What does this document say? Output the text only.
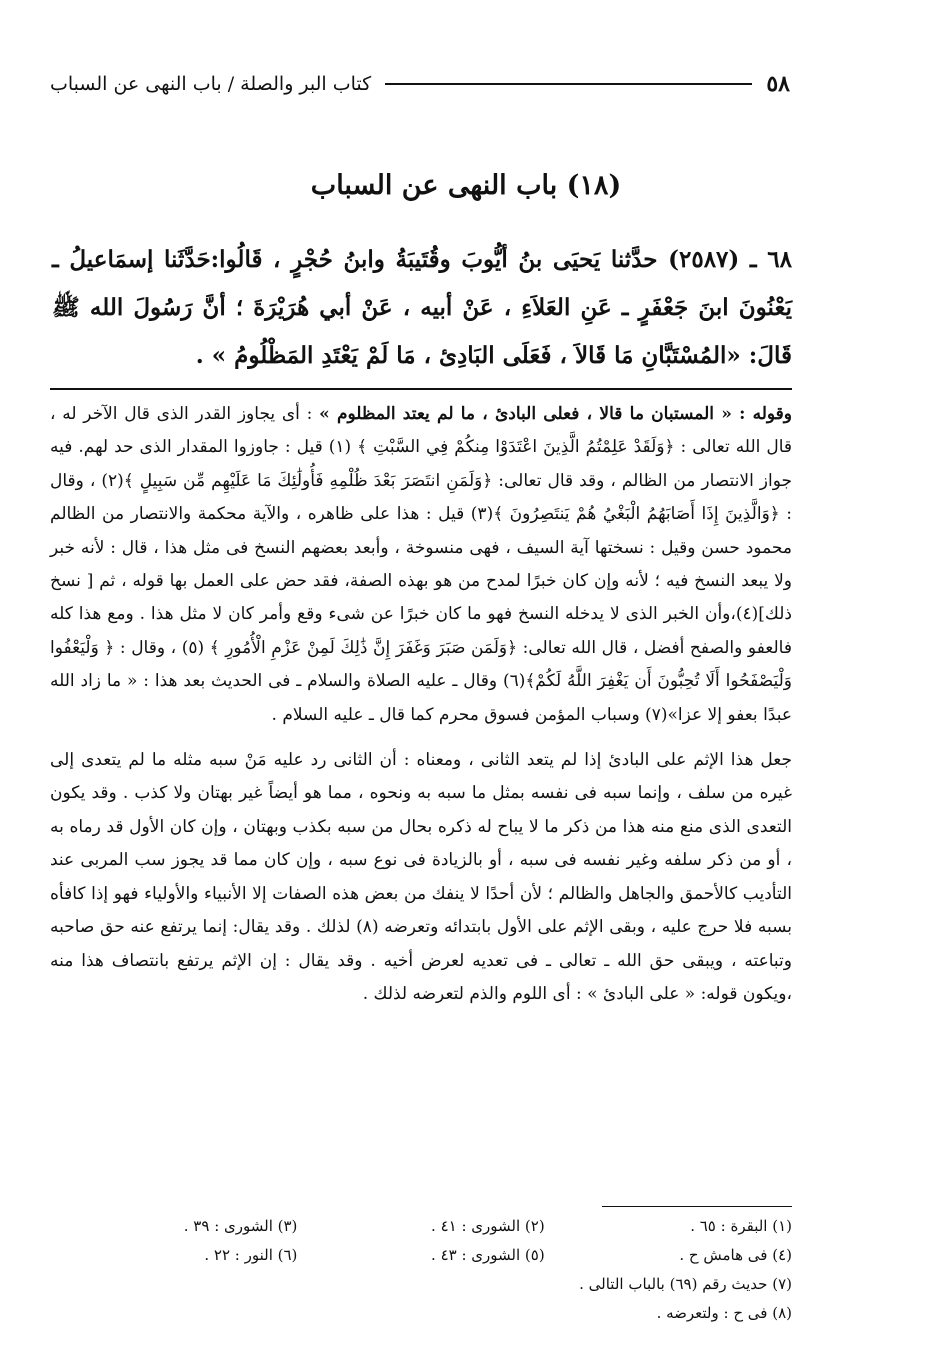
كتاب البر والصلة / باب النهى عن السباب	٥٨
(١٨) باب النهى عن السباب
٦٨ ـ (٢٥٨٧) حدَّثنا يَحيَى بنُ أيُّوبَ وقُتَيبَةُ وابنُ حُجْرٍ ، قَالُوا:حَدَّثَنا إسمَاعيلُ ـ يَعْنُونَ ابنَ جَعْفَرٍ ـ عَنِ العَلاَءِ ، عَنْ أبيه ، عَنْ أبي هُرَيْرَةَ ؛ أنَّ رَسُولَ الله ﷺ قَالَ: «المُسْتَبَّانِ مَا قَالاَ ، فَعَلَى البَادِئ ، مَا لَمْ يَعْتَدِ المَظْلُومُ » .

وقوله : « المستبان ما قالا ، فعلى البادئ ، ما لم يعتد المظلوم » : أى يجاوز القدر الذى قال الآخر له ، قال الله تعالى : ﴿وَلَقَدْ عَلِمْتُمُ الَّذِينَ اعْتَدَوْا مِنكُمْ فِي السَّبْتِ ﴾ (١) قيل : جاوزوا المقدار الذى حد لهم. فيه جواز الانتصار من الظالم ، وقد قال تعالى: ﴿وَلَمَنِ انتَصَرَ بَعْدَ ظُلْمِهِ فَأُولَٰئِكَ مَا عَلَيْهِم مِّن سَبِيلٍ ﴾(٢) ، وقال : ﴿وَالَّذِينَ إِذَا أَصَابَهُمُ الْبَغْيُ هُمْ يَنتَصِرُونَ ﴾(٣) قيل : هذا على ظاهره ، والآية محكمة والانتصار من الظالم محمود حسن وقيل : نسختها آية السيف ، فهى منسوخة ، وأبعد بعضهم النسخ فى مثل هذا ، قال : لأنه خبر ولا يبعد النسخ فيه ؛ لأنه وإن كان خبرًا لمدح من هو بهذه الصفة، فقد حض على العمل بها قوله ، ثم [ نسخ ذلك](٤)،وأن الخبر الذى لا يدخله النسخ فهو ما كان خبرًا عن شىء وقع وأمر كان لا مثل هذا . ومع هذا كله فالعفو والصفح أفضل ، قال الله تعالى: ﴿وَلَمَن صَبَرَ وَغَفَرَ إِنَّ ذَٰلِكَ لَمِنْ عَزْمِ الْأُمُورِ ﴾ (٥) ، وقال : ﴿ وَلْيَعْفُوا وَلْيَصْفَحُوا أَلَا تُحِبُّونَ أَن يَغْفِرَ اللَّهُ لَكُمْ﴾(٦) وقال ـ عليه الصلاة والسلام ـ فى الحديث بعد هذا : « ما زاد الله عبدًا بعفو إلا عزا»(٧) وسباب المؤمن فسوق محرم كما قال ـ عليه السلام .

جعل هذا الإثم على البادئ إذا لم يتعد الثانى ، ومعناه : أن الثانى رد عليه مَنْ سبه مثله ما لم يتعدى إلى غيره من سلف ، وإنما سبه فى نفسه بمثل ما سبه به ونحوه ، مما هو أيضاً غير بهتان ولا كذب . وقد يكون التعدى الذى منع منه هذا من ذكر ما لا يباح له ذكره بحال من سبه بكذب وبهتان ، وإن كان الأول قد رماه به ، أو من ذكر سلفه وغير نفسه فى سبه ، أو بالزيادة فى نوع سبه ، وإن كان مما قد يجوز سب المربى عند التأديب كالأحمق والجاهل والظالم ؛ لأن أحدًا لا ينفك من بعض هذه الصفات إلا الأنبياء والأولياء فهو إذا كافأه بسبه فلا حرج عليه ، وبقى الإثم على الأول بابتدائه وتعرضه (٨) لذلك . وقد يقال: إنما يرتفع عنه حق صاحبه وتباعته ، ويبقى حق الله ـ تعالى ـ فى تعديه لعرض أخيه . وقد يقال : إن الإثم يرتفع بانتصاف هذا منه ،ويكون قوله: « على البادئ » : أى اللوم والذم لتعرضه لذلك .

(١) البقرة : ٦٥ .
(٢) الشورى : ٤١ .
(٣) الشورى : ٣٩ .
(٤) فى هامش ح .
(٥) الشورى : ٤٣ .
(٦) النور : ٢٢ .
(٧) حديث رقم (٦٩) بالباب التالى .
(٨) فى ح : ولتعرضه .
